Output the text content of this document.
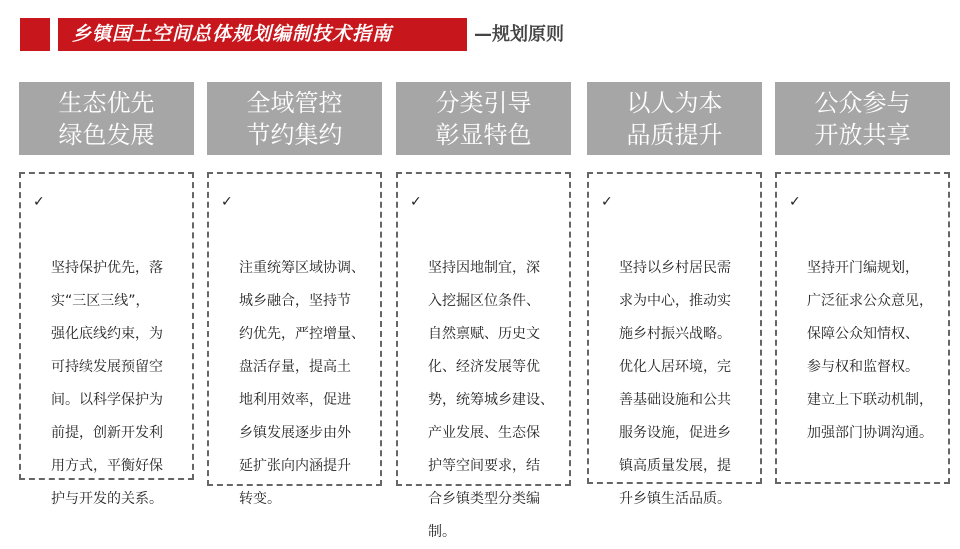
乡镇国土空间总体规划编制技术指南	—规划原则
生态优先
绿色发展

✓

坚持保护优先，落
实“三区三线”，
强化底线约束，为
可持续发展预留空
间。以科学保护为
前提，创新开发利
用方式，平衡好保
护与开发的关系。

全域管控
节约集约

✓

注重统筹区域协调、
城乡融合，坚持节
约优先，严控增量、
盘活存量，提高土
地利用效率，促进
乡镇发展逐步由外
延扩张向内涵提升
转变。

分类引导
彰显特色

✓

坚持因地制宜，深
入挖掘区位条件、
自然禀赋、历史文
化、经济发展等优
势，统筹城乡建设、
产业发展、生态保
护等空间要求，结
合乡镇类型分类编
制。

以人为本
品质提升

✓

坚持以乡村居民需
求为中心，推动实
施乡村振兴战略。
优化人居环境，完
善基础设施和公共
服务设施，促进乡
镇高质量发展，提
升乡镇生活品质。

公众参与
开放共享

✓

坚持开门编规划，
广泛征求公众意见，
保障公众知情权、
参与权和监督权。
建立上下联动机制，
加强部门协调沟通。
